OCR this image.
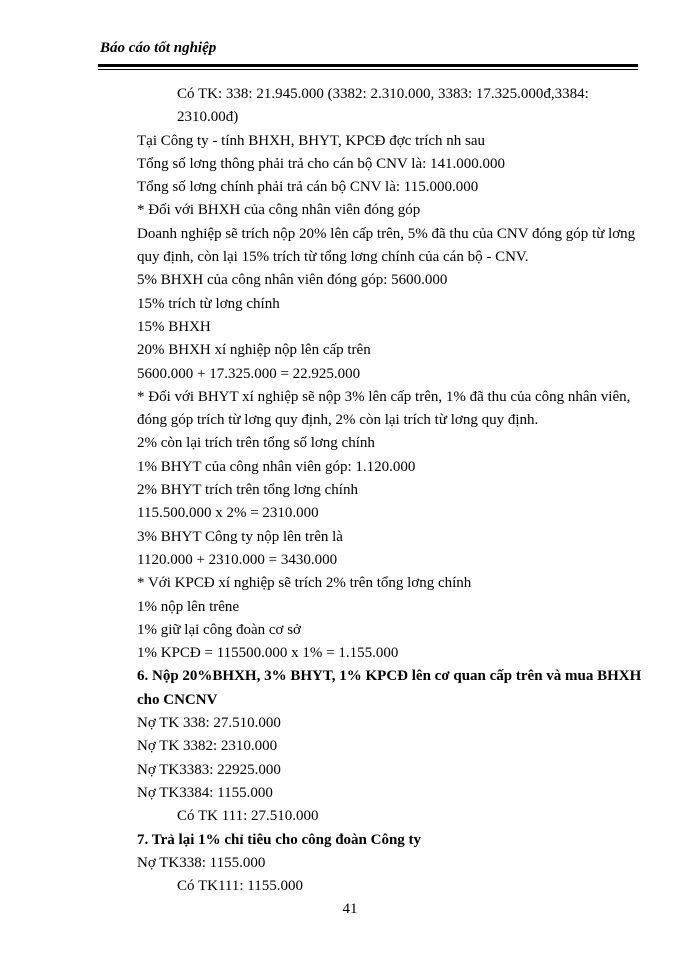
Báo cáo tốt nghiệp

Có TK: 338: 21.945.000 (3382: 2.310.000, 3383: 17.325.000đ,3384: 2310.00đ)

Tại Công ty - tính BHXH, BHYT, KPCĐ đợc trích nh sau

Tổng số lơng thông phải trả cho cán bộ CNV là: 141.000.000

Tổng số lơng chính phải trả cán bộ CNV là: 115.000.000

* Đối với BHXH của công nhân viên đóng góp

Doanh nghiệp sẽ trích nộp 20% lên cấp trên, 5% đã thu của CNV đóng góp từ lơng quy định, còn lại 15% trích từ tổng lơng chính của cán bộ - CNV.

5% BHXH của công nhân viên đóng góp: 5600.000

15% trích từ lơng chính

15% BHXH

20% BHXH xí nghiệp nộp lên cấp trên

5600.000 + 17.325.000 = 22.925.000

* Đối với BHYT xí nghiệp sẽ nộp 3% lên cấp trên, 1% đã thu của công nhân viên, đóng góp trích từ lơng quy định, 2% còn lại trích từ lơng quy định.

2% còn lại trích trên tổng số lơng chính

1% BHYT của công nhân viên góp: 1.120.000

2% BHYT trích trên tổng lơng chính

115.500.000 x 2% = 2310.000

3% BHYT Công ty nộp lên trên là

1120.000 + 2310.000 = 3430.000

* Với KPCĐ xí nghiệp sẽ trích 2% trên tổng lơng chính

1% nộp lên trêne

1% giữ lại công đoàn cơ sở

1% KPCĐ = 115500.000 x 1% = 1.155.000

6. Nộp 20%BHXH, 3% BHYT, 1% KPCĐ lên cơ quan cấp trên và mua BHXH cho CNCNV

Nợ TK 338: 27.510.000

Nợ TK 3382: 2310.000

Nợ TK3383: 22925.000

Nợ TK3384: 1155.000

Có TK 111: 27.510.000

7. Trả lại 1% chỉ tiêu cho công đoàn Công ty

Nợ TK338: 1155.000

Có TK111: 1155.000

41
